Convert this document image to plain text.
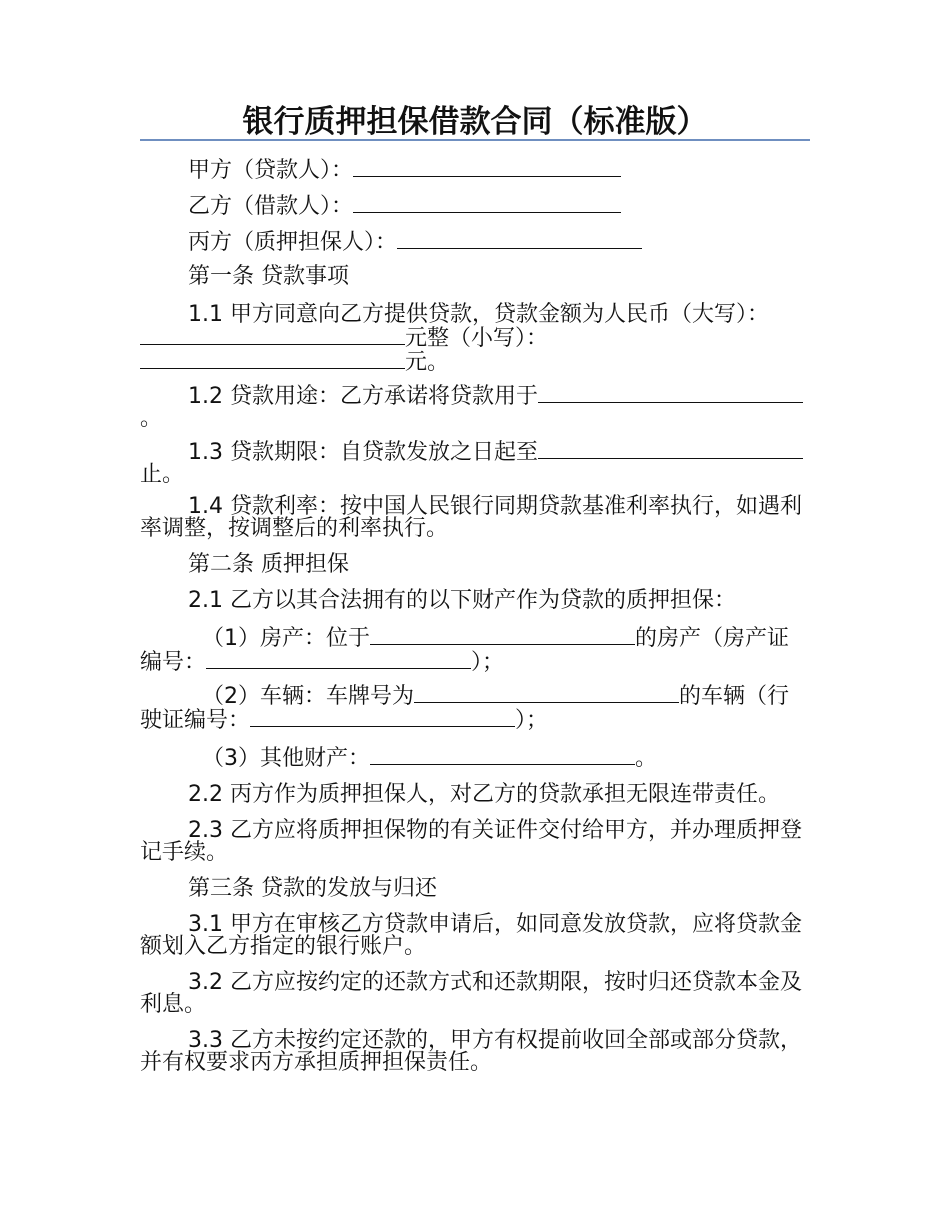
银行质押担保借款合同（标准版）

甲方（贷款人）：

乙方（借款人）：

丙方（质押担保人）：

第一条 贷款事项

1.1 甲方同意向乙方提供贷款，贷款金额为人民币（大写）：元整（小写）：元。

1.2 贷款用途：乙方承诺将贷款用于。

1.3 贷款期限：自贷款发放之日起至止。

1.4 贷款利率：按中国人民银行同期贷款基准利率执行，如遇利率调整，按调整后的利率执行。

第二条 质押担保

2.1 乙方以其合法拥有的以下财产作为贷款的质押担保：

（1）房产：位于	的房产（房产证编号：	）；

（2）车辆：车牌号为	的车辆（行驶证编号：	）；

（3）其他财产：	。

2.2 丙方作为质押担保人，对乙方的贷款承担无限连带责任。

2.3 乙方应将质押担保物的有关证件交付给甲方，并办理质押登记手续。

第三条 贷款的发放与归还

3.1 甲方在审核乙方贷款申请后，如同意发放贷款，应将贷款金额划入乙方指定的银行账户。

3.2 乙方应按约定的还款方式和还款期限，按时归还贷款本金及利息。

3.3 乙方未按约定还款的，甲方有权提前收回全部或部分贷款，并有权要求丙方承担质押担保责任。
